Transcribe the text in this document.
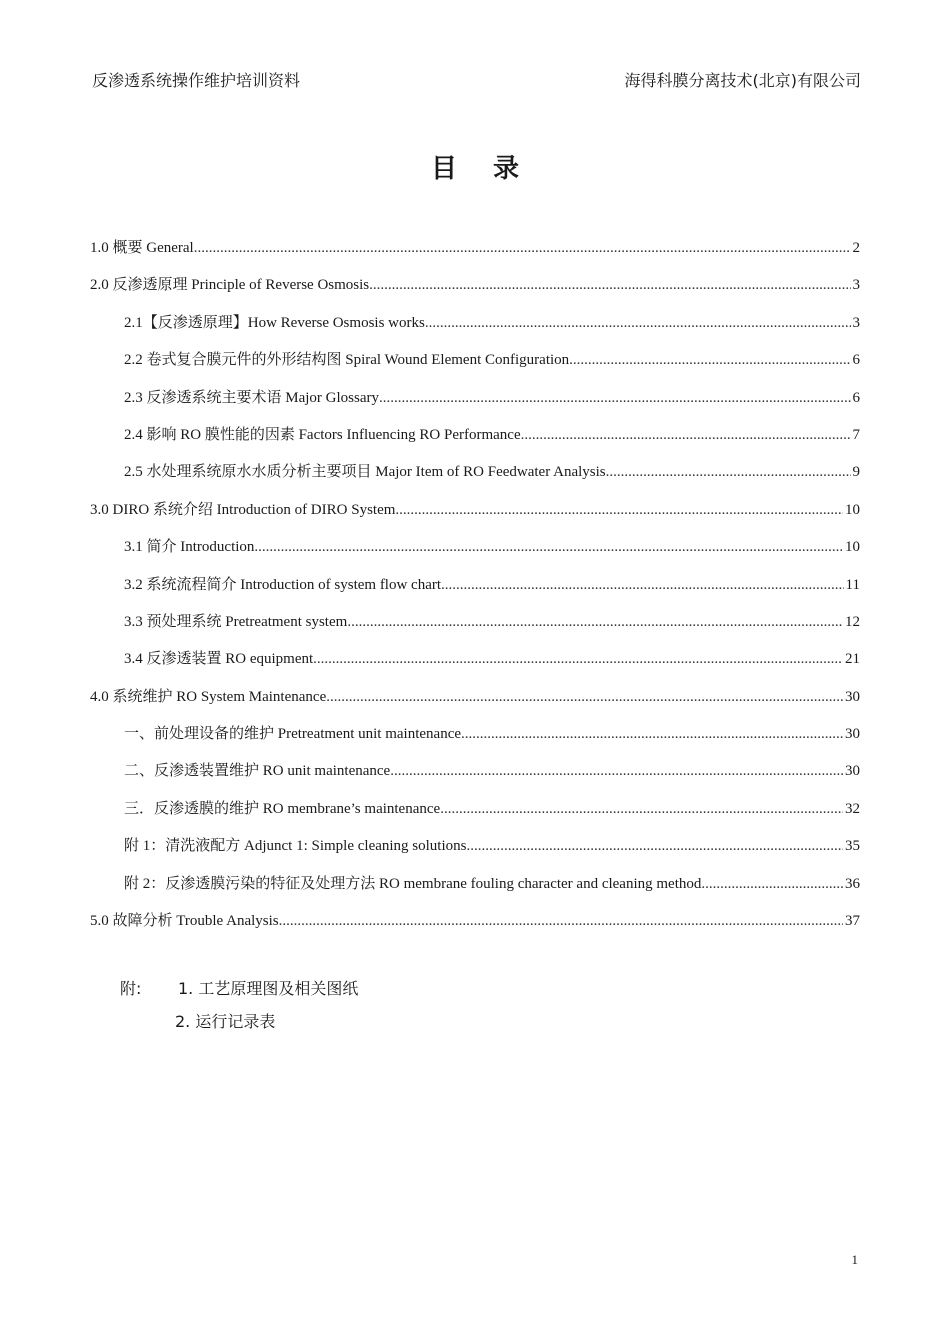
反渗透系统操作维护培训资料	海得科膜分离技术(北京)有限公司
目录
1.0 概要 General .....	2
2.0 反渗透原理 Principle of Reverse Osmosis .....	3
2.1【反渗透原理】How Reverse Osmosis works .....	3
2.2 卷式复合膜元件的外形结构图 Spiral Wound Element Configuration .....	6
2.3 反渗透系统主要术语 Major Glossary .....	6
2.4 影响 RO 膜性能的因素 Factors Influencing RO Performance .....	7
2.5 水处理系统原水水质分析主要项目 Major Item of RO Feedwater Analysis .....	9
3.0 DIRO 系统介绍 Introduction of DIRO System .....	10
3.1 简介 Introduction .....	10
3.2 系统流程简介 Introduction of system flow chart .....	11
3.3 预处理系统 Pretreatment system .....	12
3.4 反渗透装置 RO equipment .....	21
4.0 系统维护 RO System Maintenance .....	30
一、前处理设备的维护 Pretreatment unit maintenance .....	30
二、反渗透装置维护 RO unit maintenance .....	30
三．反渗透膜的维护 RO membrane’s maintenance .....	32
附 1：清洗液配方 Adjunct 1: Simple cleaning solutions .....	35
附 2：反渗透膜污染的特征及处理方法 RO membrane fouling character and cleaning method .....	36
5.0 故障分析 Trouble Analysis .....	37
附:	1. 工艺原理图及相关图纸
2. 运行记录表
1
